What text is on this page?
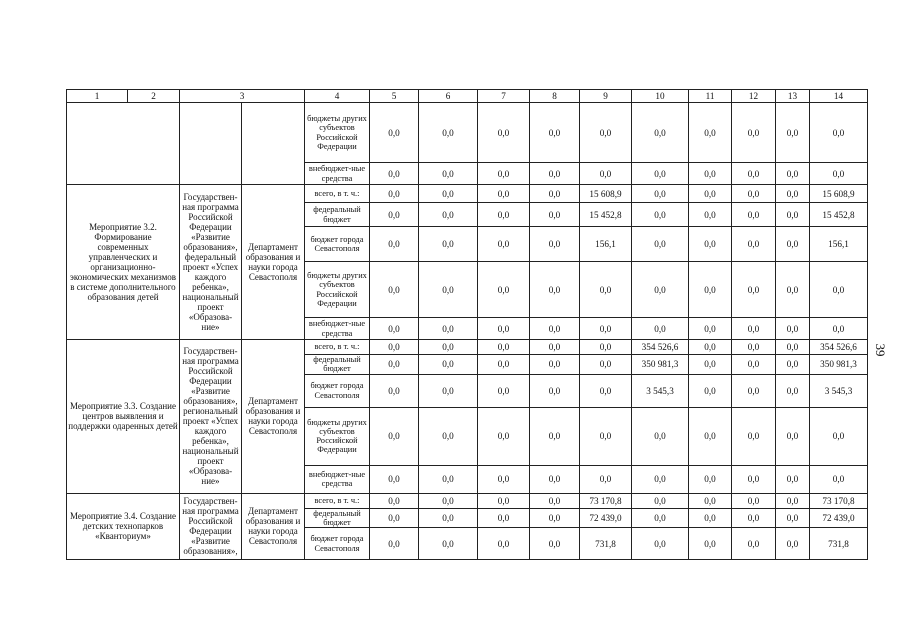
1	2	3		4	5	6	7	8	9	10	11	12	13	14
				бюджеты других субъектов Российской Федерации	0,0	0,0	0,0	0,0	0,0	0,0	0,0	0,0	0,0	0,0
				внебюджет-ные средства	0,0	0,0	0,0	0,0	0,0	0,0	0,0	0,0	0,0	0,0
Мероприятие 3.2. Формирование современных управленческих и организационно-экономических механизмов в системе дополнительного образования детей		Государствен-ная программа Российской Федерации «Развитие образования», федеральный проект «Успех каждого ребенка», национальный проект «Образова-ние»	Департамент образования и науки города Севастополя	всего, в т. ч.:	0,0	0,0	0,0	0,0	15 608,9	0,0	0,0	0,0	0,0	15 608,9
				федеральный бюджет	0,0	0,0	0,0	0,0	15 452,8	0,0	0,0	0,0	0,0	15 452,8
				бюджет города Севастополя	0,0	0,0	0,0	0,0	156,1	0,0	0,0	0,0	0,0	156,1
				бюджеты других субъектов Российской Федерации	0,0	0,0	0,0	0,0	0,0	0,0	0,0	0,0	0,0	0,0
				внебюджет-ные средства	0,0	0,0	0,0	0,0	0,0	0,0	0,0	0,0	0,0	0,0
Мероприятие 3.3. Создание центров выявления и поддержки одаренных детей		Государствен-ная программа Российской Федерации «Развитие образования», региональный проект «Успех каждого ребенка», национальный проект «Образова-ние»	Департамент образования и науки города Севастополя	всего, в т. ч.:	0,0	0,0	0,0	0,0	0,0	354 526,6	0,0	0,0	0,0	354 526,6
				федеральный бюджет	0,0	0,0	0,0	0,0	0,0	350 981,3	0,0	0,0	0,0	350 981,3
				бюджет города Севастополя	0,0	0,0	0,0	0,0	0,0	3 545,3	0,0	0,0	0,0	3 545,3
				бюджеты других субъектов Российской Федерации	0,0	0,0	0,0	0,0	0,0	0,0	0,0	0,0	0,0	0,0
				внебюджет-ные средства	0,0	0,0	0,0	0,0	0,0	0,0	0,0	0,0	0,0	0,0
Мероприятие 3.4. Создание детских технопарков «Кванториум»		Государствен-ная программа Российской Федерации «Развитие образования»,	Департамент образования и науки города Севастополя	всего, в т. ч.:	0,0	0,0	0,0	0,0	73 170,8	0,0	0,0	0,0	0,0	73 170,8
				федеральный бюджет	0,0	0,0	0,0	0,0	72 439,0	0,0	0,0	0,0	0,0	72 439,0
				бюджет города Севастополя	0,0	0,0	0,0	0,0	731,8	0,0	0,0	0,0	0,0	731,8
39
